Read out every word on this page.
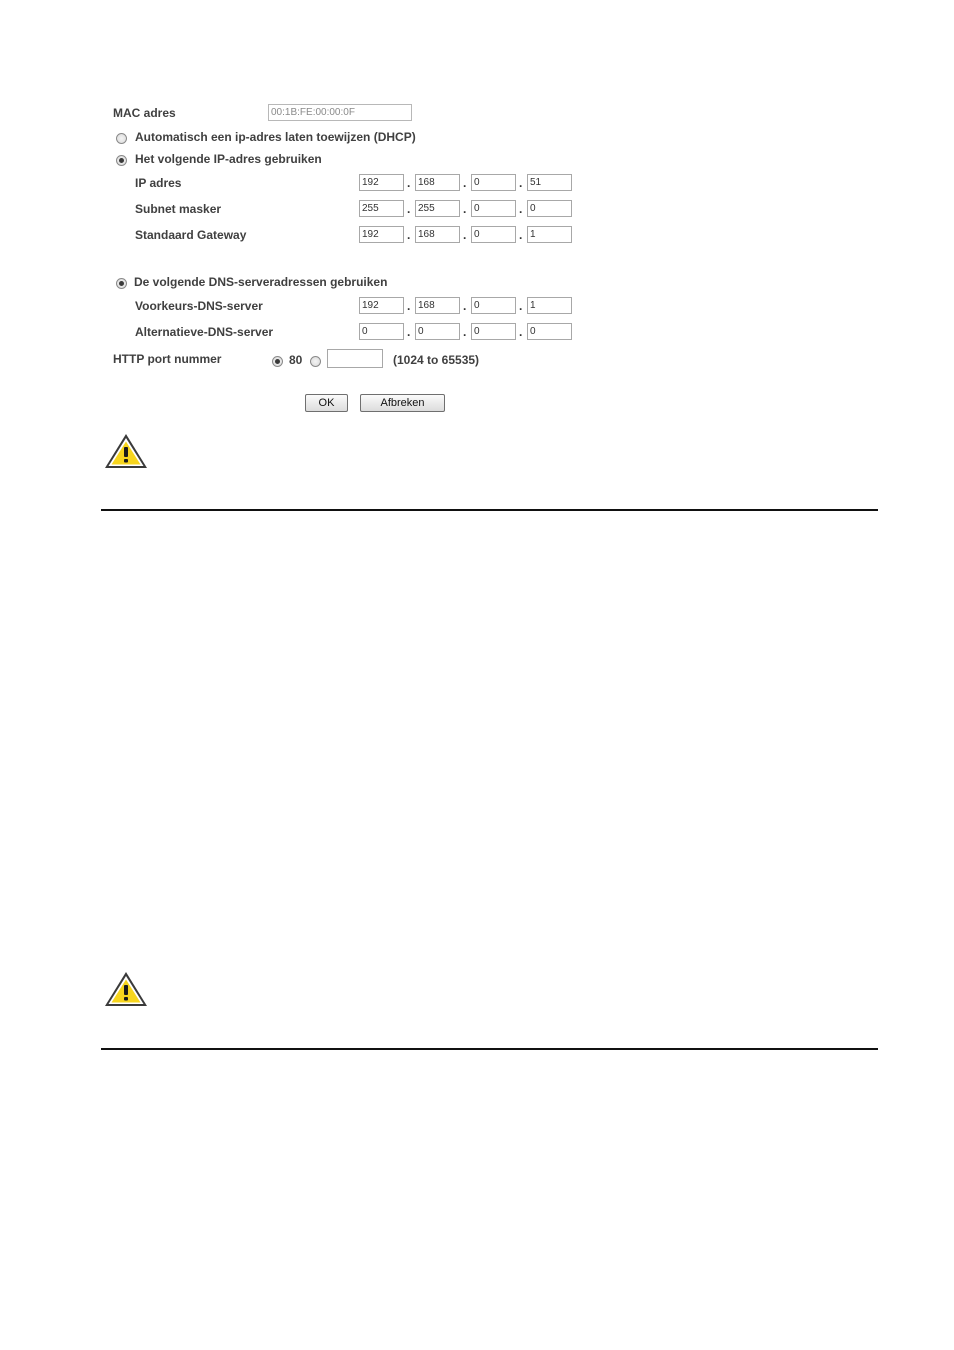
MAC adres	00:1B:FE:00:00:0F
Automatisch een ip-adres laten toewijzen (DHCP)
Het volgende IP-adres gebruiken
IP adres	192	. 168	. 0	. 51
Subnet masker	255	. 255	. 0	. 0
Standaard Gateway	192	. 168	. 0	. 1
De volgende DNS-serveradressen gebruiken
Voorkeurs-DNS-server	192	. 168	. 0	. 1
Alternatieve-DNS-server	0	. 0	. 0	. 0
HTTP port nummer	80	(1024 to 65535)
OK	Afbreken
